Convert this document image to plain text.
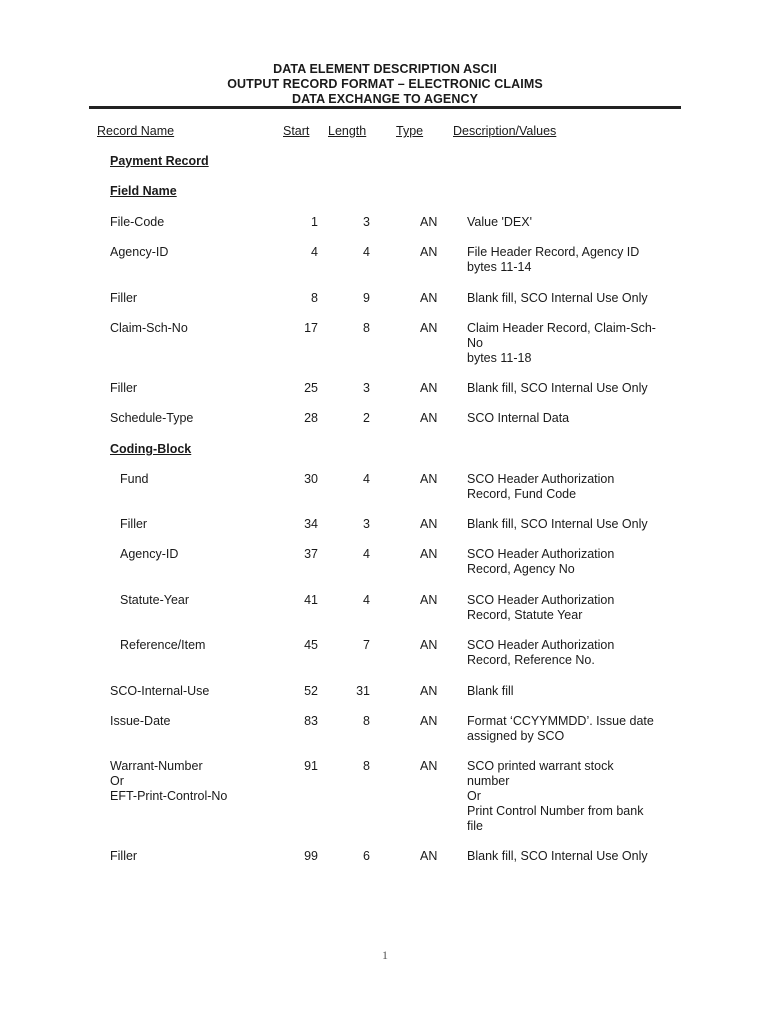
DATA ELEMENT DESCRIPTION ASCII
OUTPUT RECORD FORMAT – ELECTRONIC CLAIMS
DATA EXCHANGE TO AGENCY
Record Name	Start Length Type Description/Values
Payment Record
Field Name
File-Code	1	3	AN Value 'DEX'
Agency-ID	4	4	AN File Header Record, Agency ID
bytes 11-14
Filler	8	9	AN Blank fill, SCO Internal Use Only
Claim-Sch-No	17	8	AN Claim Header Record, Claim-Sch-
No
bytes 11-18
Filler	25	3	AN Blank fill, SCO Internal Use Only
Schedule-Type	28	2	AN SCO Internal Data
Coding-Block
Fund	30	4	AN SCO Header Authorization
Record, Fund Code
Filler	34	3	AN Blank fill, SCO Internal Use Only
Agency-ID	37	4	AN SCO Header Authorization
Record, Agency No
Statute-Year	41	4	AN SCO Header Authorization
Record, Statute Year
Reference/Item	45	7	AN SCO Header Authorization
Record, Reference No.
SCO-Internal-Use	52	31	AN Blank fill
Issue-Date	83	8	AN Format ‘CCYYMMDD’. Issue date
assigned by SCO
Warrant-Number
Or
EFT-Print-Control-No
91	8	AN SCO printed warrant stock
number
Or
Print Control Number from bank
file
Filler	99	6	AN Blank fill, SCO Internal Use Only
1
